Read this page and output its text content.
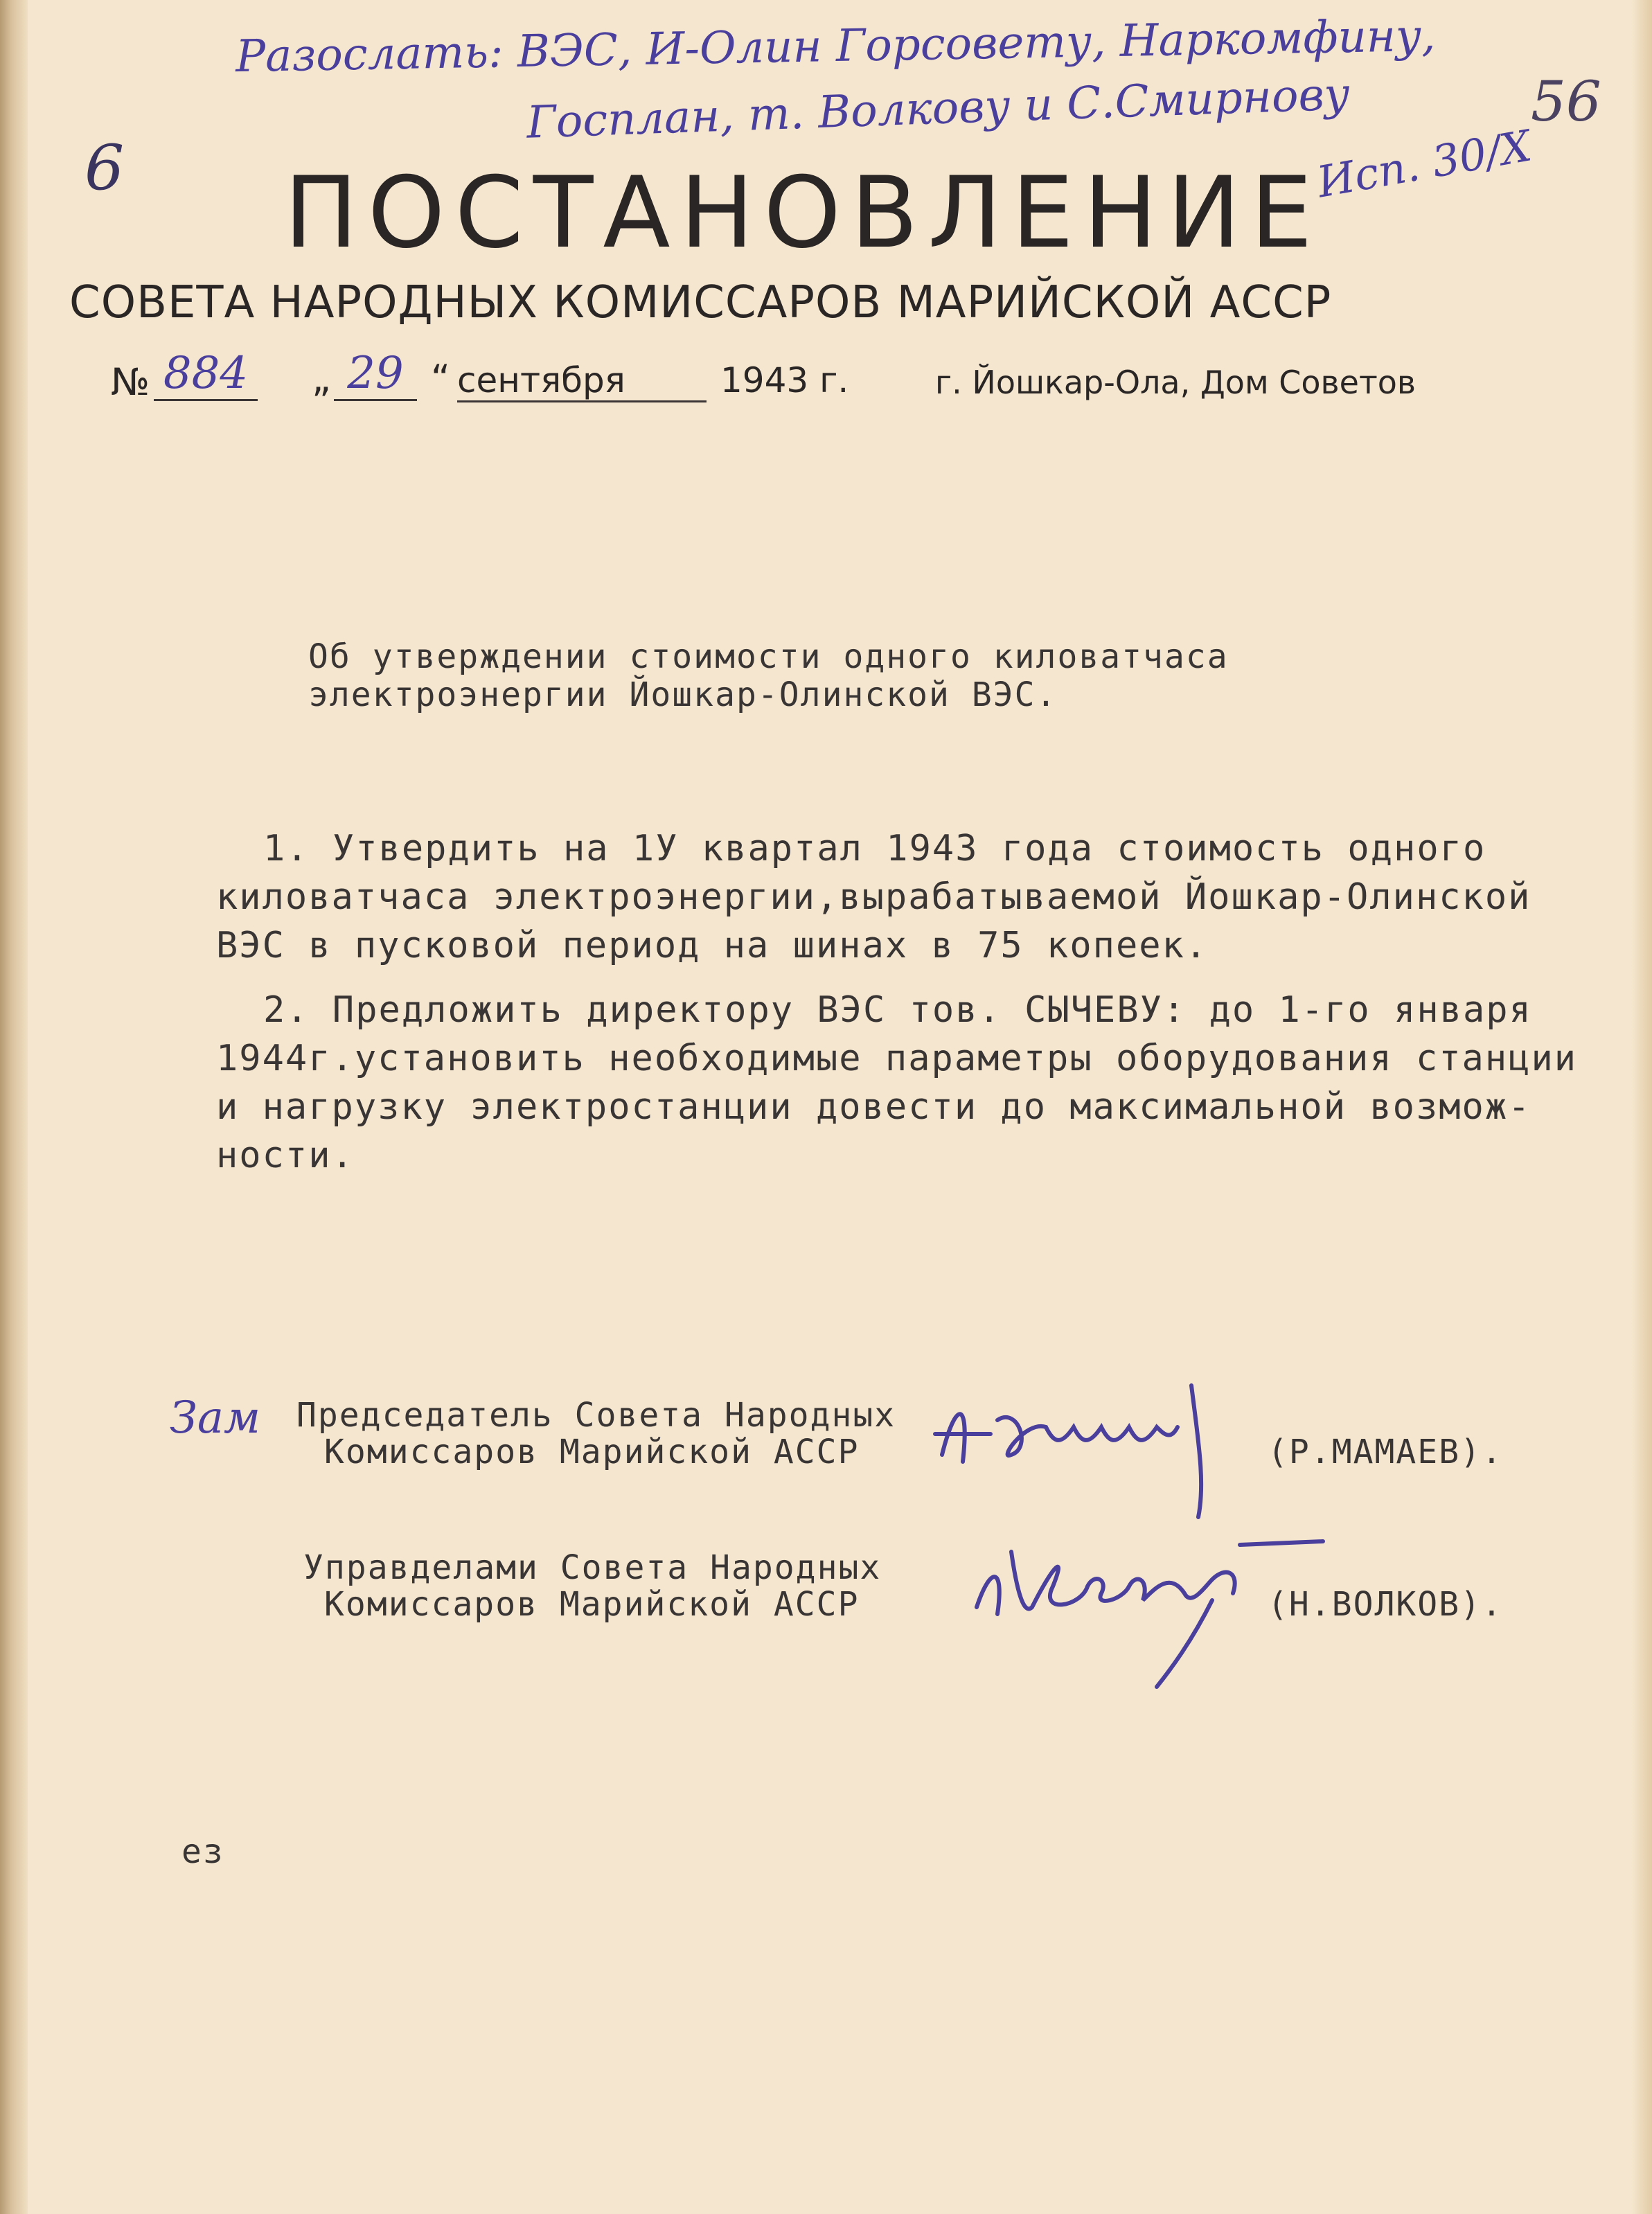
Разослать: ВЭС, И-Олин Горсовету, Наркомфину,
Госплан, т. Волкову и С.Смирнову	56
6	Исп. 30/Х
ПОСТАНОВЛЕНИЕ
СОВЕТА НАРОДНЫХ КОМИССАРОВ МАРИЙСКОЙ АССР
№ 884 „ 29 “ сентября	1943 г.	г. Йошкар-Ола, Дом Советов
Об утверждении стоимости одного киловатчаса
электроэнергии Йошкар-Олинской ВЭС.
1. Утвердить на 1У квартал 1943 года стоимость одного
киловатчаса электроэнергии,вырабатываемой Йошкар-Олинской
ВЭС в пусковой период на шинах в 75 копеек.
2. Предложить директору ВЭС тов. СЫЧЕВУ: до 1-го января
1944г.установить необходимые параметры оборудования станции
и нагрузку электростанции довести до максимальной возмож-
ности.
Зам Председатель Совета Народных
Комиссаров Марийской АССР	(Р.МАМАЕВ).
Управделами Совета Народных
Комиссаров Марийской АССР	(Н.ВОЛКОВ).
ез
